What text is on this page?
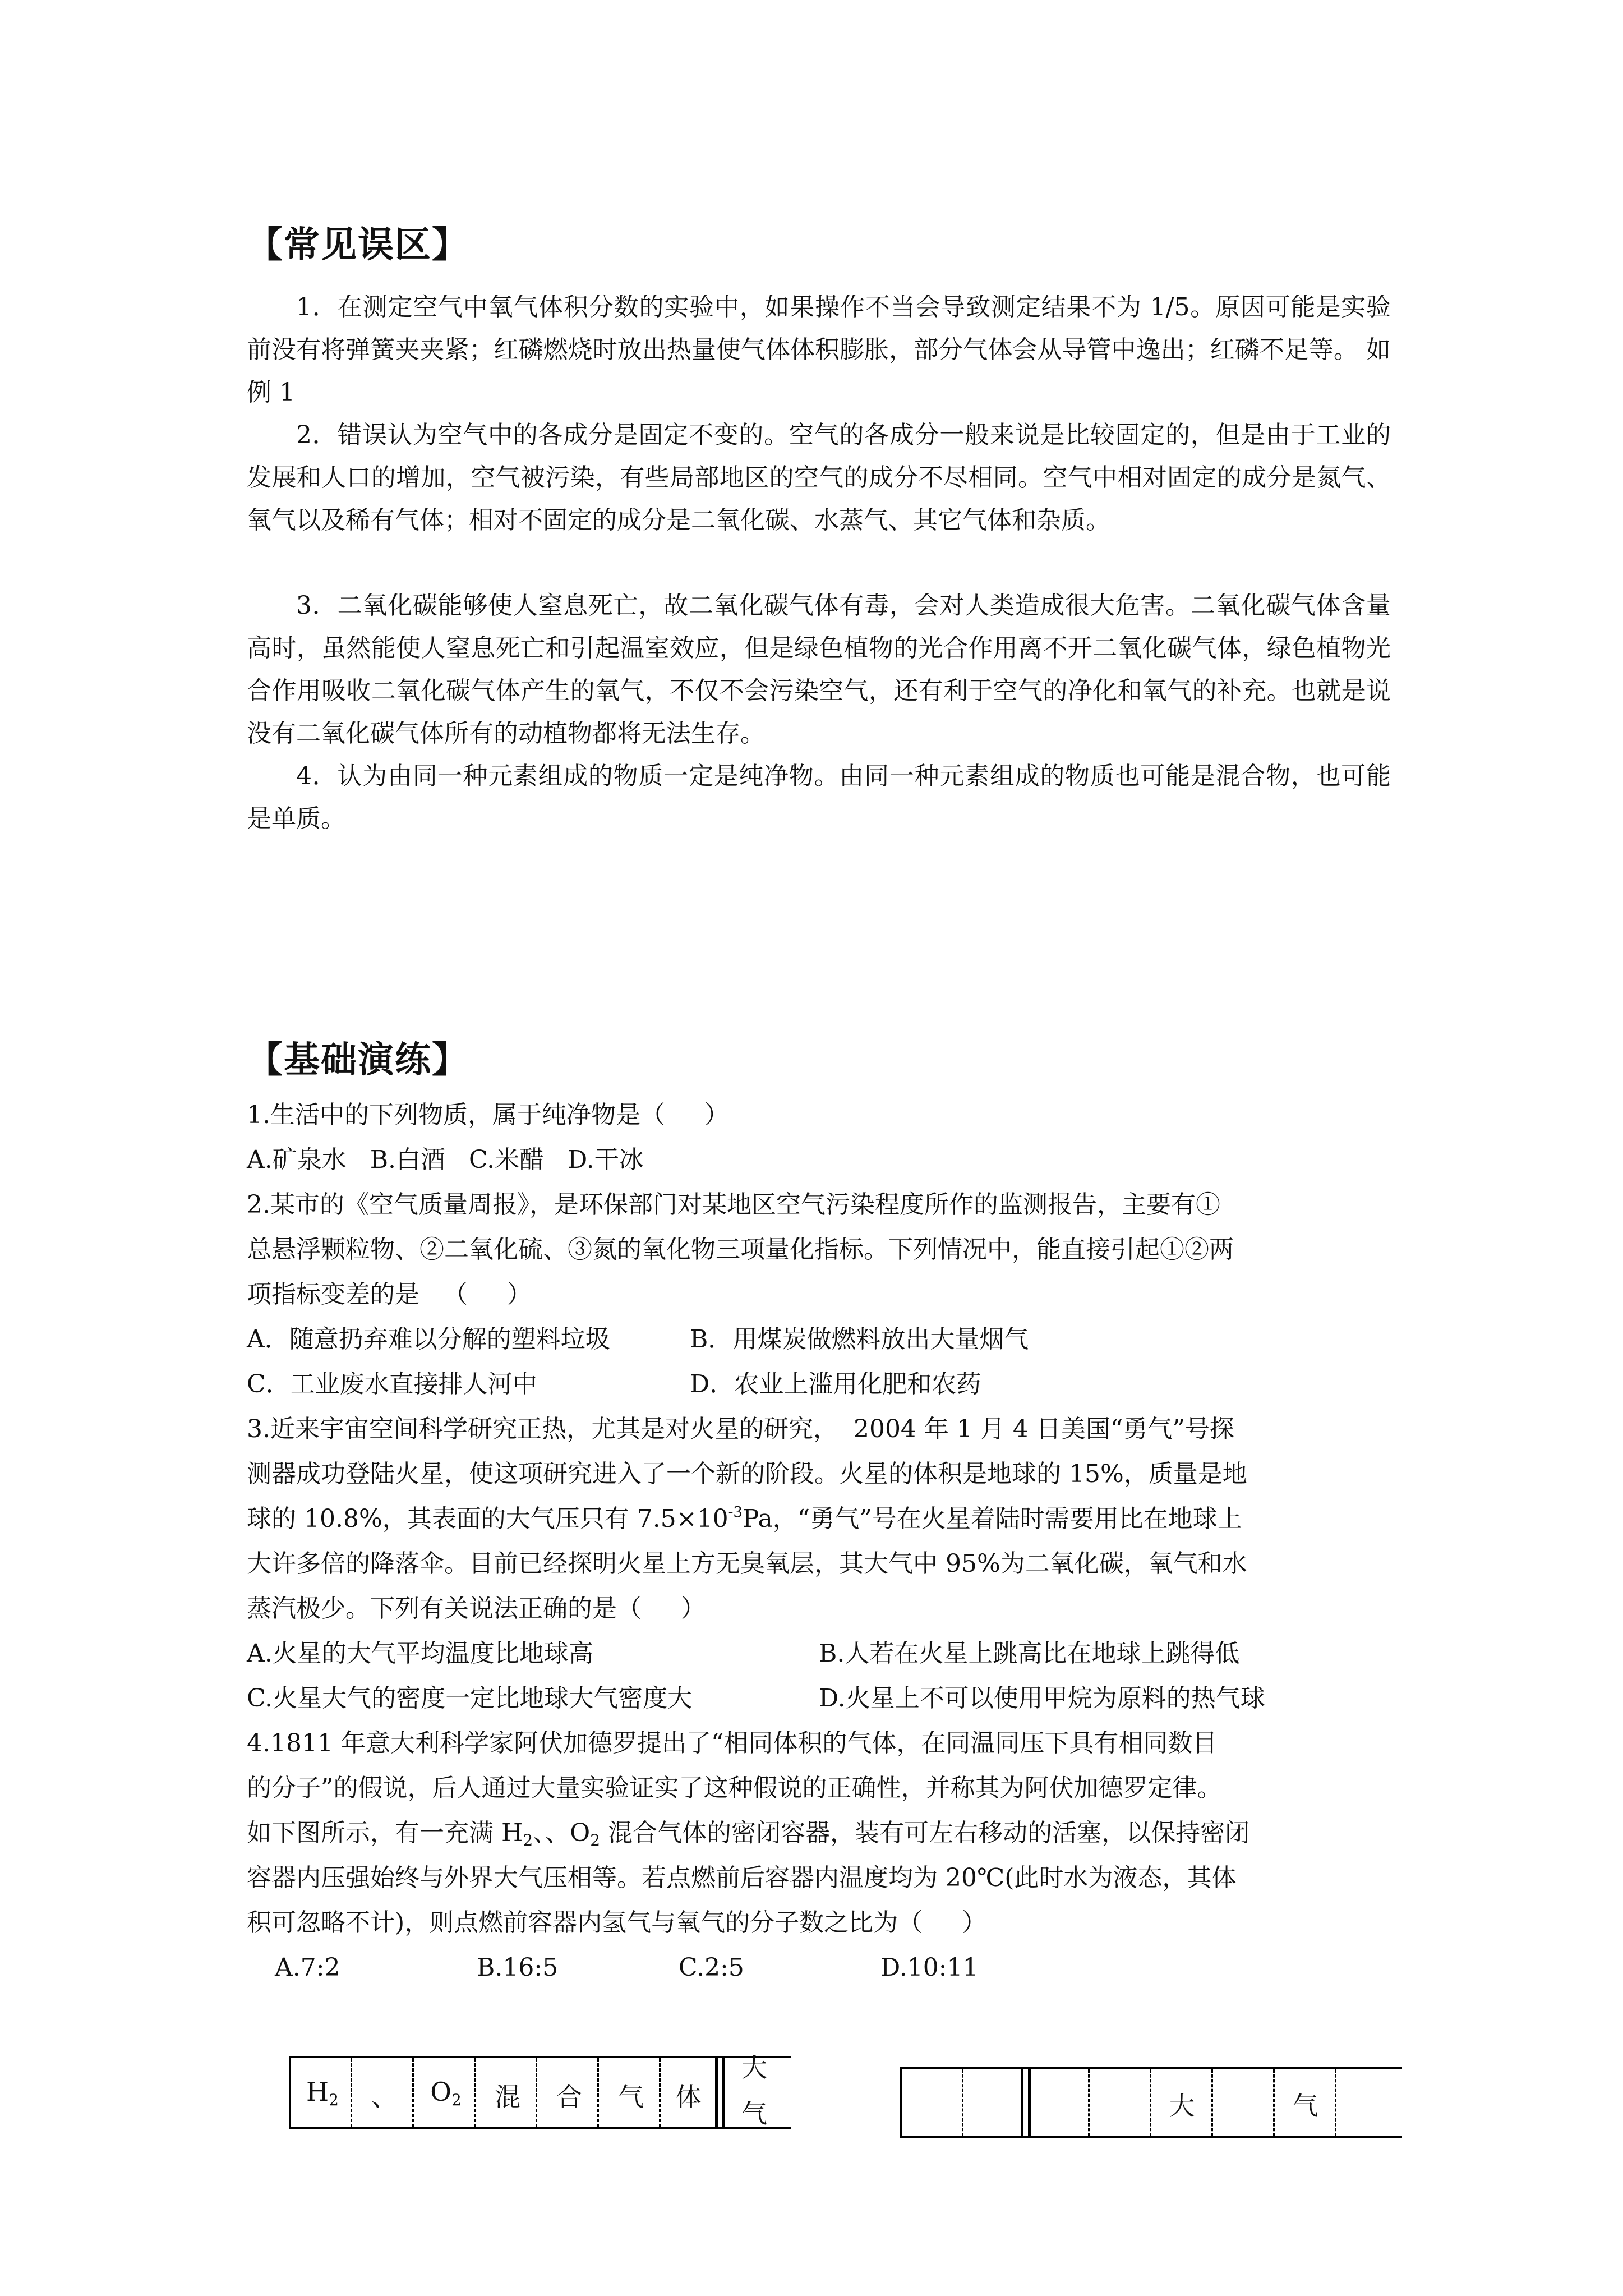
【常见误区】
1．在测定空气中氧气体积分数的实验中，如果操作不当会导致测定结果不为 1/5。原因可能是实验前没有将弹簧夹夹紧；红磷燃烧时放出热量使气体体积膨胀，部分气体会从导管中逸出；红磷不足等。 如例 1
2．错误认为空气中的各成分是固定不变的。空气的各成分一般来说是比较固定的，但是由于工业的发展和人口的增加，空气被污染，有些局部地区的空气的成分不尽相同。空气中相对固定的成分是氮气、氧气以及稀有气体；相对不固定的成分是二氧化碳、水蒸气、其它气体和杂质。
3．二氧化碳能够使人窒息死亡，故二氧化碳气体有毒，会对人类造成很大危害。二氧化碳气体含量高时，虽然能使人窒息死亡和引起温室效应，但是绿色植物的光合作用离不开二氧化碳气体，绿色植物光合作用吸收二氧化碳气体产生的氧气，不仅不会污染空气，还有利于空气的净化和氧气的补充。也就是说没有二氧化碳气体所有的动植物都将无法生存。
4．认为由同一种元素组成的物质一定是纯净物。由同一种元素组成的物质也可能是混合物，也可能是单质。
【基础演练】
1.生活中的下列物质，属于纯净物是（     ）
A.矿泉水   B.白酒   C.米醋   D.干冰
2.某市的《空气质量周报》，是环保部门对某地区空气污染程度所作的监测报告，主要有①
总悬浮颗粒物、②二氧化硫、③氮的氧化物三项量化指标。下列情况中，能直接引起①②两
项指标变差的是   （     ）
A．随意扔弃难以分解的塑料垃圾	B．用煤炭做燃料放出大量烟气
C．工业废水直接排人河中	D．农业上滥用化肥和农药
3.近来宇宙空间科学研究正热，尤其是对火星的研究，  2004 年 1 月 4 日美国“勇气”号探
测器成功登陆火星，使这项研究进入了一个新的阶段。火星的体积是地球的 15%，质量是地
球的 10.8%，其表面的大气压只有 $7.5\times 10^{-3}Pa$，“勇气”号在火星着陆时需要用比在地球上
大许多倍的降落伞。目前已经探明火星上方无臭氧层，其大气中 95%为二氧化碳，氧气和水
蒸汽极少。下列有关说法正确的是（     ）
A.火星的大气平均温度比地球高	B.人若在火星上跳高比在地球上跳得低
C.火星大气的密度一定比地球大气密度大	D.火星上不可以使用甲烷为原料的热气球
4.1811 年意大利科学家阿伏加德罗提出了“相同体积的气体，在同温同压下具有相同数目
的分子”的假说，后人通过大量实验证实了这种假说的正确性，并称其为阿伏加德罗定律。
如下图所示，有一充满 $H_2$、、$O_2$ 混合气体的密闭容器，装有可左右移动的活塞，以保持密闭
容器内压强始终与外界大气压相等。若点燃前后容器内温度均为 20℃(此时水为液态，其体
积可忽略不计)，则点燃前容器内氢气与氧气的分子数之比为（     ）
A.7:2	B.16:5	C.2:5	D.10:11
$H_2$	、	$O_2$	混	合	气	体
大
气	大	气
